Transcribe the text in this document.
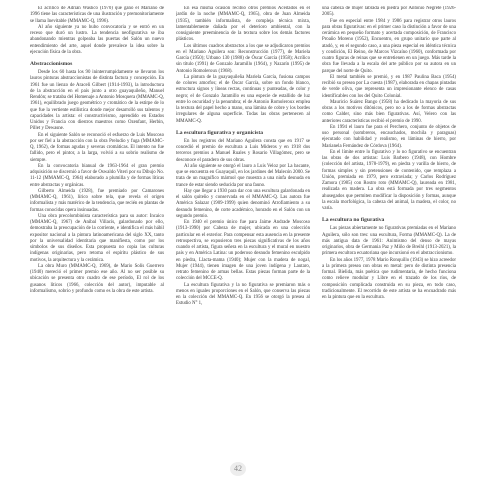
El acrílico de Adrián Washco (1970) que ganó el Mariano de 1996 tiene las características de una ilustración y premonitoriamente se llama Inevitable (MMAMC-Q, 1996).

Al año siguiente ya no hubo convocatoria y se entró en un receso que duró un lustro. La tendencia neofigurativa se iba abandonando mientras golpeaba las puertas del Salón un nuevo entendimiento del arte, aquel donde prevalece la idea sobre la ejecución física de la obra.

Abstraccionismos

Desde los 60 hasta los 90 ininterrumpidamente se llevaron los lauros pinturas abstraccionistas de distinta factura y concepción. En 1961 fue un lienzo de Araceli Gilbert (1914-1993), la introductora de la abstracción en el país junto a otro guayaquileño, Manuel Rendón; se trataba del Homenaje a Antonio Mosquera (MMAMC-Q, 1961), equilibrado juego geométrico y cromático de la estirpe de lo que fue la vertiente estilística donde mejor desarrolló sus talentos y capacidades la artista: el constructivismo, aprendido en Estados Unidos y Francia con diestros maestros como Ozenfant, Herbin, Pillet y Dewasne.

En el siguiente Salón se reconoció el esfuerzo de Luis Moscoso por ser fiel a la abstracción con la obra Preludio y fuga (MMAMC-Q, 1962), de formas agudas y severas cromáticas. El intento no fue fallido, pero el pintor, a la larga, volvió a su sobrio realismo de siempre.

En la convocatoria bianual de 1963-1964 el gran premio adquisición se discernió a favor de Oswaldo Viteri por su Dibujo No. 11-12 (MMAMC-Q, 1964) elaborado a plumilla y de formas líticas entre abstractas y orgánicas.

Gilberto Almeida (1928), fue premiado por Camarones (MMAMC-Q, 1961), lírico sobre tela, que revela el origen informalista y más matérico de la tendencia, que recién en plantas de formas conocidas opera insinuadas.

Una obra precolombinista característica para su autor: Incaico (MMAMC-Q, 1967) de Aníbal Villacís, galardonado por ello, demostraba la preocupación de la corriente, e identifica el más hábil expositor nacional a la pintura latinoamericana del siglo XX, tanto por la universalidad identitaria que manifiesta, como por los símbolos de sus diseños. Esta propuesta no copia las culturas indígenas originarias, pero retoma el espíritu plástico de sus motivos, la arquitectura y la cerámica.

La obra Muro (MMAMC-Q, 1969), de Mario Solís Guerrero (1940) mereció el primer premio ese año. Al no ser posible su ubicación se presenta otro cuadro de ese período, El rol de los gusanos líticos (1966, colección del autor), imputable al informalismo, sobrio y profundo como es la obra de este artista.

En esa misma ocasión recibió otros premios Aceitados en el jardín de la noche (MMAMC-Q, 1965), obra de Juan Almeida (1935), también informalista, de compleja técnica mixta, lamentablemente dañada por el deterioro ambiental, con la consiguiente preeminencia de la textura sobre los demás factores plásticos.

Los últimos cuadros abstractos a los que se adjudicaron premios en el Mariano Aguilera son: Reconstrucción (1977), de Mariela García (1950); Urbano 130 (1988) de Óscar García (1958); Acrílico sin título (1991) de Gonzalo Jaramillo (1964), y Nazarín (1995) de Antonio Romoleroux (1968).

La pintura de la guayaquileña Mariela García, fusiona campos de colores amorfos; el de Óscar García, sobre un fondo blanco, estructura signos y líneas rectas, continuas y punteadas, de color y negro; el de Gonzalo Jaramillo es una especie de estallido de luz entre lo oscuridad y la penumbra; el de Antonio Romoleroux emplea la textura del papel hecho a mano, una lámina de cobre y los bordes irregulares de alguna superficie. Todas las obras pertenecen al MMAMC-Q.

La escultura figurativa y organicista

En los registros del Mariano Aguilera consta que en 1917 se concedió el premio de escultura a Luis Mideros y en 1918 dos terceros premios a Manuel Ruales y Rosario Villagómez, pero se desconoce el paradero de sus obras.

Al año siguiente se otorgó el lauro a Luis Veloz por La bacante, que se encuentra en Guayaquil, en los jardines del Malecón 2000. Se trata de un magnífico mármol que muestra a una ninfa desnuda en trance de estar siendo seducida por una fauno.

Hay que llegar a 1930 para dar con una escultura galardonada en el salón quiteño y conservada en el MMAMC-Q. Las autora fue América Salazar (1909-1999) quien denominó Atrofiamiento a su desnudo femenino, de corte académico, honrado en el Salón con un segundo premio.

En 1940 el premio único fue para Jaime Andrade Moscoso (1913-1990) por Cabeza de mujer, ubicada en una colección particular en el exterior. Para compensar esta ausencia en la presente retrospectiva, se expusieron tres piezas significativas de los años cuando el artista, figura señera en la escultura y el mural en nuestro país y en América Latina: un poderoso desnudo femenino esculpido en piedra, Llacta-mama (1940); Mujer con la madera de nogal, Mujer (1944), tienen imagen de una joven indígena y Lautaro, retrato femenino de armas bellas. Estas piezas forman parte de la colección del MCCE-Q.

La escultura figurativa y la no figurativa se premiaron más o menos en iguales proporciones en el Salón, que conserva las piezas en la colección del MMAMC-Q. En 1956 se otorgó la presea al Estudio N° 1,

una cabeza de mujer labrada en piedra por Antonio Negrete (1926-2005).

Fue en especial entre 1984 y 1986 para registrar otros lauros para obras figurativas: en el primer caso la distinción a favor de una cerámica en pequeño formato y acertada composición, de Francisco Proaño Moreno (1952), Encuentro, en grupo unitario que parte al atadó, y, en el segundo caso, a una pieza especial en idéntica técnica y condición, El Reino, de Marcos Vizcaíno (1960), conformada por cuatro figuras de reinas que se entretienen en un juego. Más tarde la obra fue llevada a la escala del arte público por su autora en un parque del norte de Quito.

El metal también se premió, y en 1987 Paulina Baca (1954) recibió su presea por La cuesta (1987), elaborada en chapas pintadas de verde oliva, que representa un impresionante elenco de casas identificables con los del Quito Colonial.

Mauricio Suárez Bango (1958) ha dedicado la mayoría de sus obras a los motivos ditónicos, pero no a los de formas abstractas como Calder, sino más bien figurativas. Así, Velero con las anteriores características recibió el premio de 1990.

En 1994 el lauro fue para el Perchero, conjunto de objetos de uso personal (sombreros, encauchados, mochila y paraguas) ejecutado con habilidad y realismo, en láminas de hierro, por Marianela Fernández de Córdova (1964).

En el límite entre lo figurativo y lo no figurativo se encuentran las obras de dos artistas: Luis Barbero (1948), con Hombre (colección del artista, 1978-1979), en piedra y varilla de hierro, de formas simples y sin pretensiones de contenido, que remplaza a Unión, premiada en 1979, pero extraviada; y Carlos Rodríguez Zamora (1985) con Rostro roto (MMAMC-Q), laureada en 1981, realizada en madera. La obra está formada por tres segmentos ahusegados que permiten modificar la disposición y formas, aunque la escala morfológica, la cabeza del animal, la madera, el color, no varía.

La escultura no figurativa

Las piezas abiertamente no figurativas premiadas en el Mariano Aguilera, sólo son tres: una escultura, Forma (MMAMC-Q). La de más antigua data de 1961: Animismo del denso de mayas originarios, obra de Germania Paz y Miño de Breihl (1913-2021), la primera escultora ecuatoriana que incursionó en el abstraccionismo.

En los años 1977, 1978 Mario Ronquillo (1943) se hizo acreedor a la primera presea con obras en metal: pero de distinta presencia formal. Bielida, más poética que rudimentaria, de hecho funciona como relieve modular y Libre en el trazado de los ríos, de composición complicada construida en su pieza, en todo caso, tradicionalmente. El recorrido de este artista se ha encuadrado más en la pintura que en la escultura.

42
